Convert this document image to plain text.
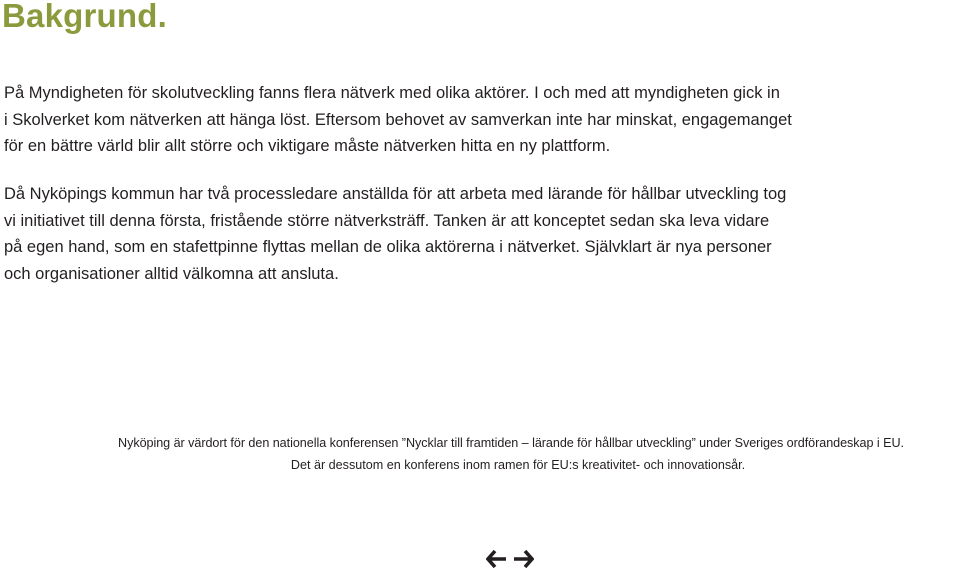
Bakgrund.

På Myndigheten för skolutveckling fanns flera nätverk med olika aktörer. I och med att myndigheten gick in
i Skolverket kom nätverken att hänga löst. Eftersom behovet av samverkan inte har minskat, engagemanget
för en bättre värld blir allt större och viktigare måste nätverken hitta en ny plattform.

Då Nyköpings kommun har två processledare anställda för att arbeta med lärande för hållbar utveckling tog
vi initiativet till denna första, fristående större nätverksträff. Tanken är att konceptet sedan ska leva vidare
på egen hand, som en stafettpinne flyttas mellan de olika aktörerna i nätverket. Självklart är nya personer
och organisationer alltid välkomna att ansluta.

Nyköping är värdort för den nationella konferensen ”Nycklar till framtiden – lärande för hållbar utveckling” under Sveriges ordförandeskap i EU.
Det är dessutom en konferens inom ramen för EU:s kreativitet- och innovationsår.
